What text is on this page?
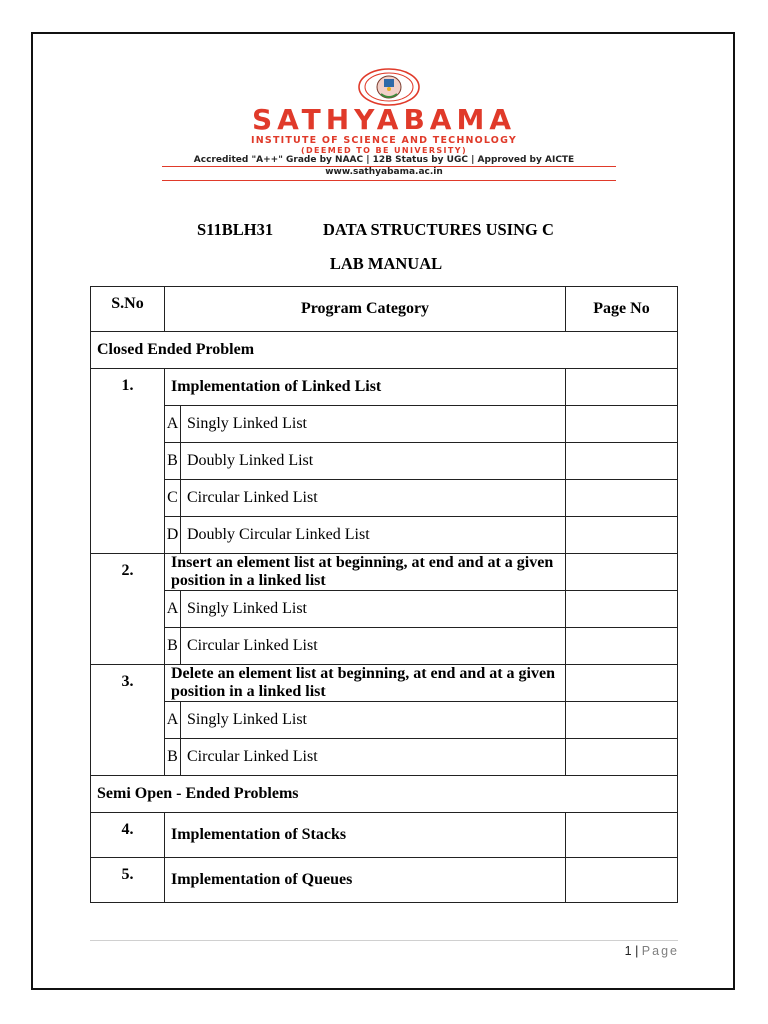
SATHYABAMA
INSTITUTE OF SCIENCE AND TECHNOLOGY
(DEEMED TO BE UNIVERSITY)
Accredited "A++" Grade by NAAC | 12B Status by UGC | Approved by AICTE
www.sathyabama.ac.in
S11BLH31	DATA STRUCTURES USING C
LAB MANUAL
S.No	Program Category		Page No
Closed Ended Problem			
1.	Implementation of Linked List		
	A	Singly Linked List	
	B	Doubly Linked List	
	C	Circular Linked List	
	D	Doubly Circular Linked List	
2.	Insert an element list at beginning, at end and at a given position in a linked list		
	A	Singly Linked List	
	B	Circular Linked List	
3.	Delete an element list at beginning, at end and at a given position in a linked list		
	A	Singly Linked List	
	B	Circular Linked List	
Semi Open - Ended Problems			
4.	Implementation of Stacks		
5.	Implementation of Queues		
1 | Page
